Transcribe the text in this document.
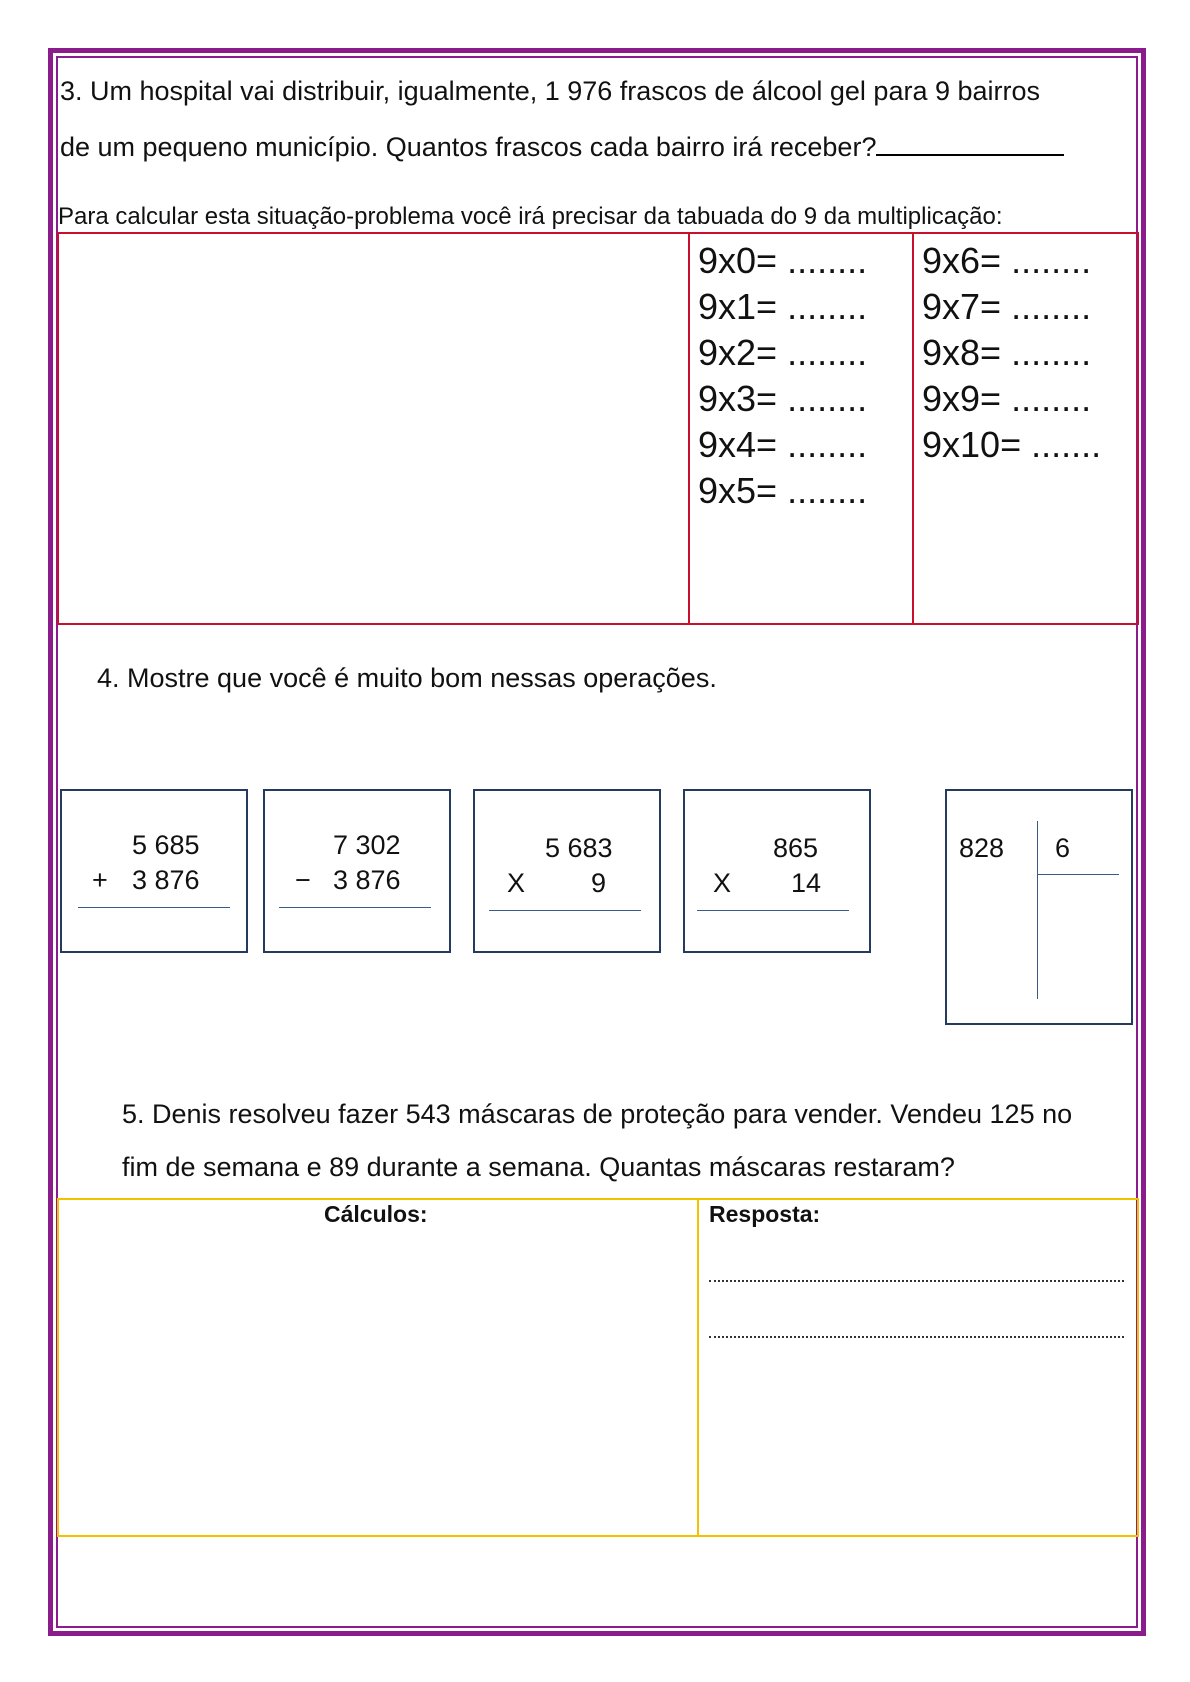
3. Um hospital vai distribuir, igualmente, 1 976 frascos de álcool gel para 9 bairros
de um pequeno município. Quantos frascos cada bairro irá receber?
Para calcular esta situação-problema você irá precisar da tabuada do 9 da multiplicação:
9x0= ........
9x1= ........
9x2= ........
9x3= ........
9x4= ........
9x5= ........
9x6= ........
9x7= ........
9x8= ........
9x9= ........
9x10= .......
4. Mostre que você é muito bom nessas operações.
5 685
+ 3 876
7 302
− 3 876
5 683
X 9
865
X 14
828 6
5. Denis resolveu fazer 543 máscaras de proteção para vender. Vendeu 125 no
fim de semana e 89 durante a semana. Quantas máscaras restaram?
Cálculos:	Resposta:
